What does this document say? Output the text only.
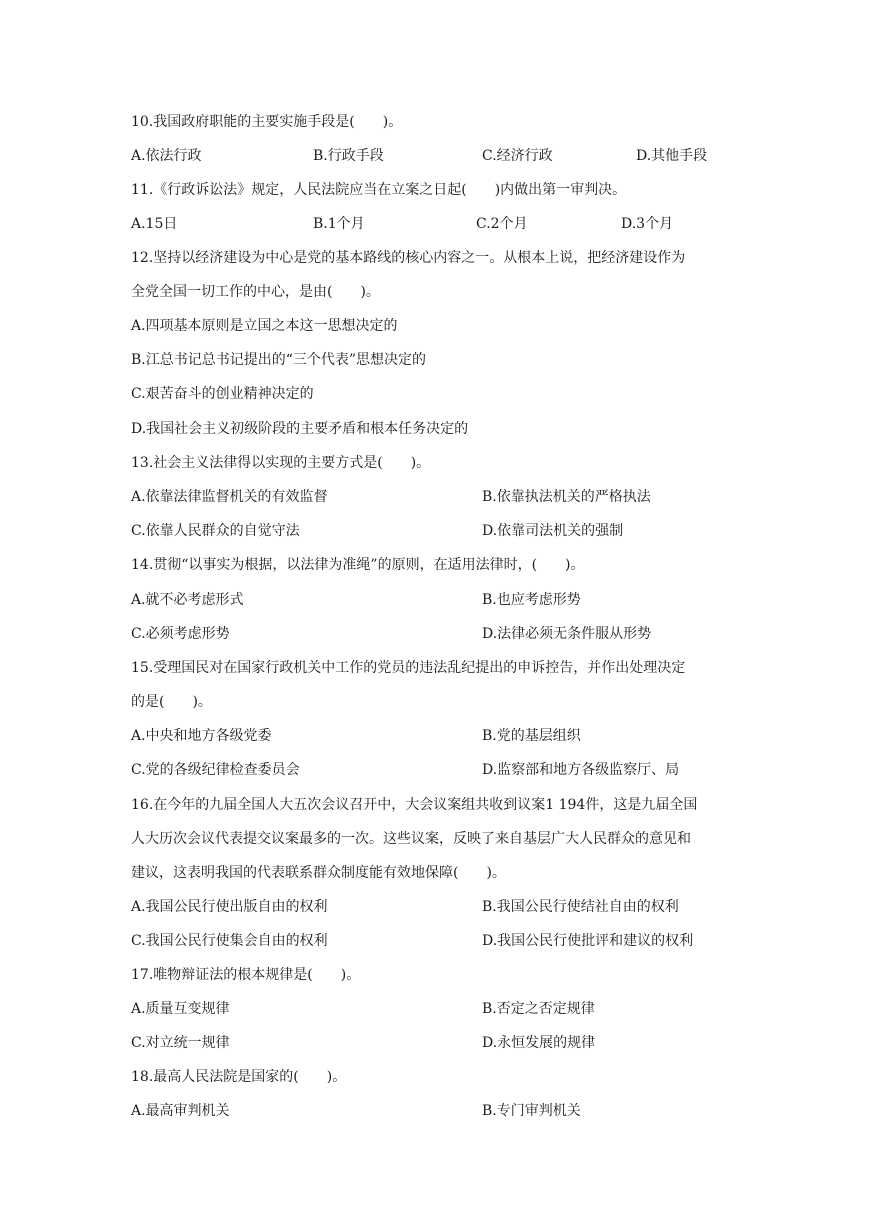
10.我国政府职能的主要实施手段是(　　)。
A.依法行政	B.行政手段	C.经济行政	D.其他手段
11.《行政诉讼法》规定，人民法院应当在立案之日起(　　)内做出第一审判决。
A.15日	B.1个月	C.2个月	D.3个月
12.坚持以经济建设为中心是党的基本路线的核心内容之一。从根本上说，把经济建设作为
全党全国一切工作的中心，是由(　　)。
A.四项基本原则是立国之本这一思想决定的
B.江总书记总书记提出的“三个代表”思想决定的
C.艰苦奋斗的创业精神决定的
D.我国社会主义初级阶段的主要矛盾和根本任务决定的
13.社会主义法律得以实现的主要方式是(　　)。
A.依靠法律监督机关的有效监督	B.依靠执法机关的严格执法
C.依靠人民群众的自觉守法	D.依靠司法机关的强制
14.贯彻“以事实为根据，以法律为准绳”的原则，在适用法律时，(　　)。
A.就不必考虑形式	B.也应考虑形势
C.必须考虑形势	D.法律必须无条件服从形势
15.受理国民对在国家行政机关中工作的党员的违法乱纪提出的申诉控告，并作出处理决定
的是(　　)。
A.中央和地方各级党委	B.党的基层组织
C.党的各级纪律检查委员会	D.监察部和地方各级监察厅、局
16.在今年的九届全国人大五次会议召开中，大会议案组共收到议案1 194件，这是九届全国
人大历次会议代表提交议案最多的一次。这些议案，反映了来自基层广大人民群众的意见和
建议，这表明我国的代表联系群众制度能有效地保障(　　)。
A.我国公民行使出版自由的权利	B.我国公民行使结社自由的权利
C.我国公民行使集会自由的权利	D.我国公民行使批评和建议的权利
17.唯物辩证法的根本规律是(　　)。
A.质量互变规律	B.否定之否定规律
C.对立统一规律	D.永恒发展的规律
18.最高人民法院是国家的(　　)。
A.最高审判机关	B.专门审判机关
